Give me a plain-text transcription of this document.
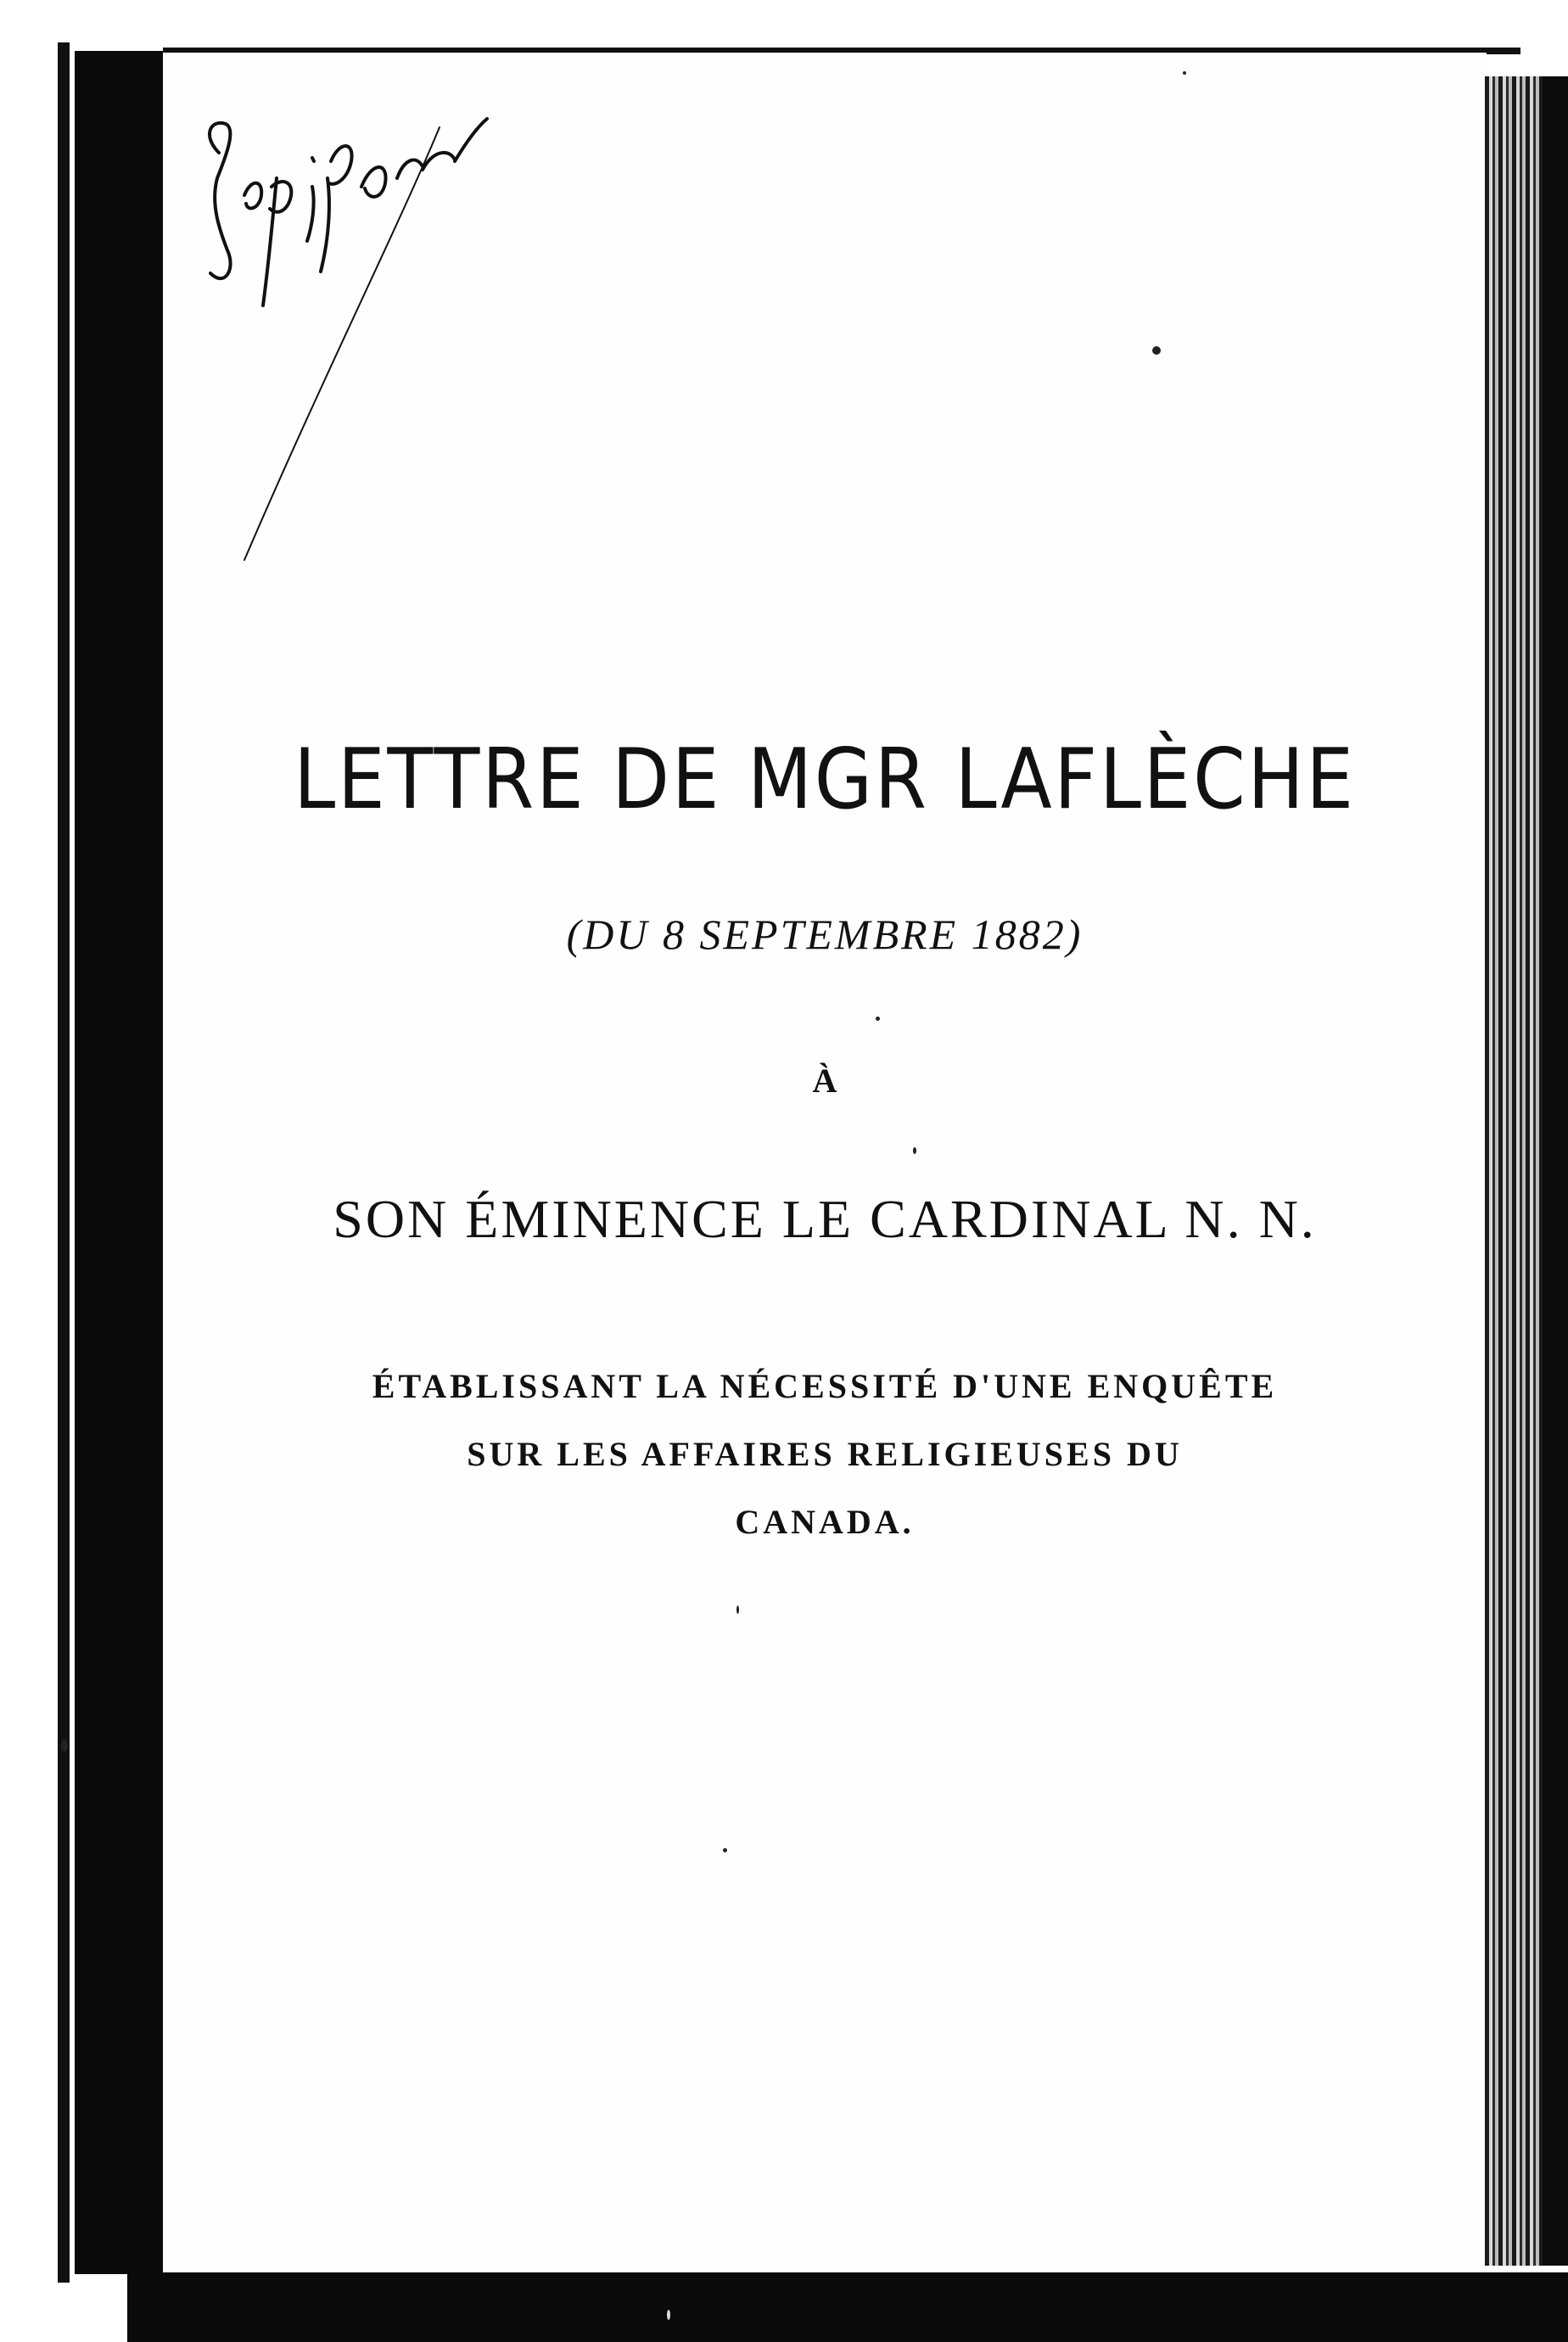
LETTRE DE MGR LAFLÈCHE
(DU 8 SEPTEMBRE 1882)
À
SON ÉMINENCE LE CARDINAL N. N.
ÉTABLISSANT LA NÉCESSITÉ D'UNE ENQUÊTE
SUR LES AFFAIRES RELIGIEUSES DU
CANADA.
